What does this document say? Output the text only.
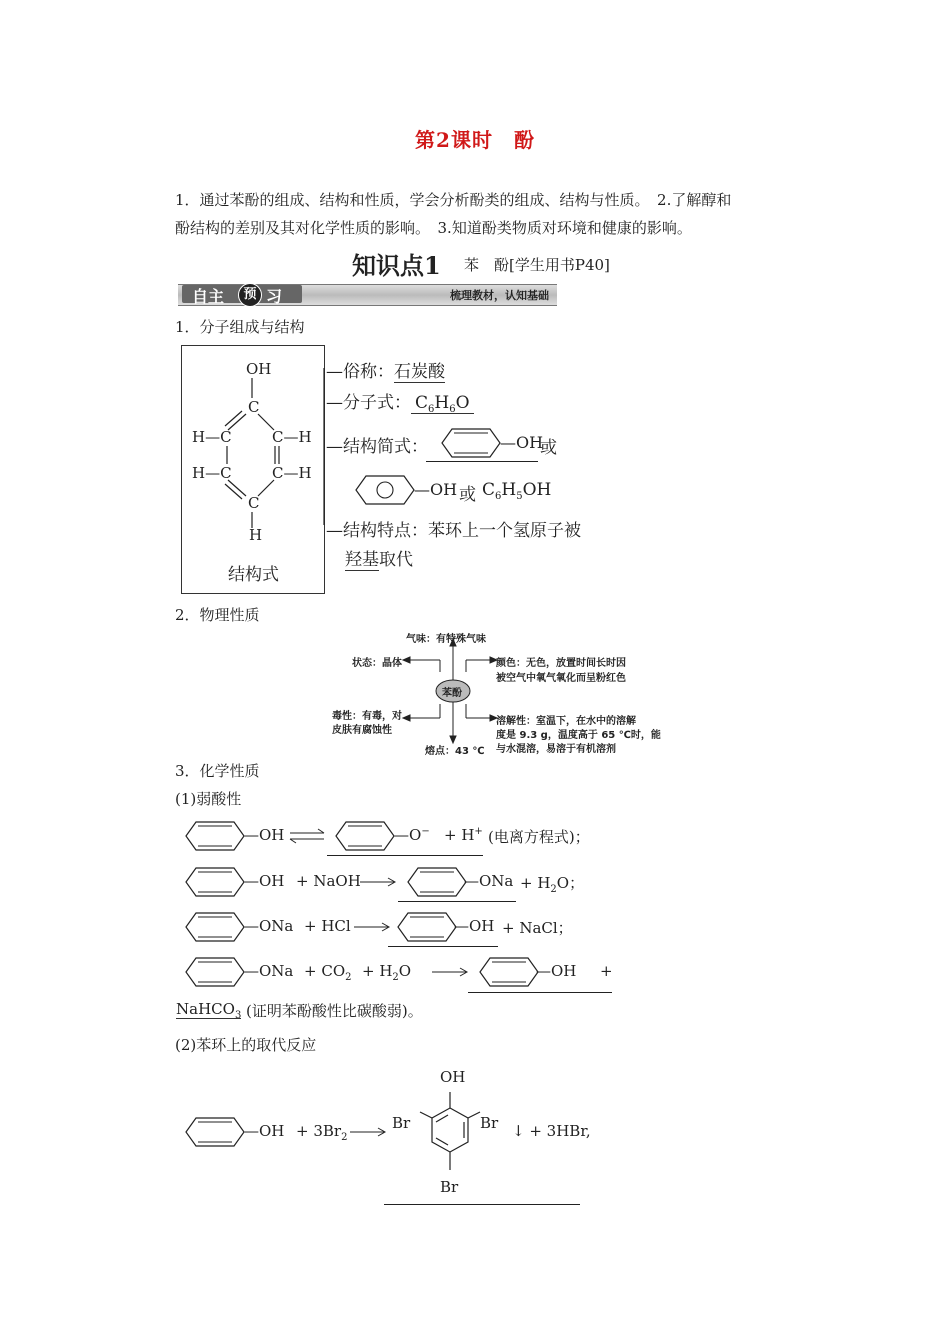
第2课时　酚
1．通过苯酚的组成、结构和性质，学会分析酚类的组成、结构与性质。　2.了解醇和
酚结构的差别及其对化学性质的影响。　3.知道酚类物质对环境和健康的影响。
知识点1 苯　酚[学生用书P40]
自主	预 习	梳理教材，认知基础
1．分子组成与结构
OH
C
H—C	C—H
H—C	C—H
C
H
结构式
—俗称：石炭酸
—分子式： $C_6H_6O$
—结构简式：	—OH
或
—OH 或 $C_6H_5OH$
—结构特点：苯环上一个氢原子被
羟基取代
2．物理性质
苯酚
气味：有特殊气味
状态：晶体	颜色：无色，放置时间长时因
被空气中氧气氧化而呈粉红色
毒性：有毒，对
皮肤有腐蚀性
溶解性：室温下，在水中的溶解
度是 9.3 g，温度高于 65 ℃时，能
与水混溶，易溶于有机溶剂
熔点：43 ℃
3．化学性质
(1)弱酸性
—OH ⇌	—O− + H+ (电离方程式)；
—OH + NaOH	—ONa + $H_2O$；
—ONa + HCl	—OH + NaCl；
—ONa + $CO_2 + H_2O$	—OH +
NaHCO$_3$ (证明苯酚酸性比碳酸弱)。
(2)苯环上的取代反应
—OH + $3Br_2$
OH
Br	Br
Br
↓ + 3HBr,
